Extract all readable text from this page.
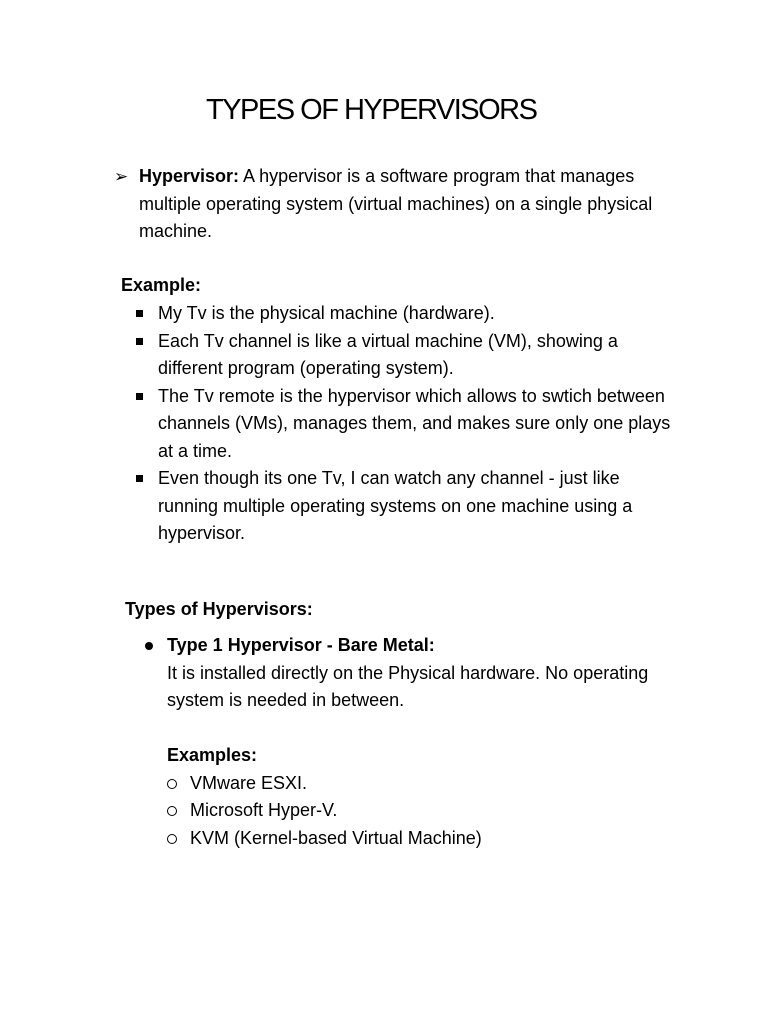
TYPES OF HYPERVISORS
➢ Hypervisor: A hypervisor is a software program that manages multiple operating system (virtual machines) on a single physical machine.
Example:
My Tv is the physical machine (hardware).
Each Tv channel is like a virtual machine (VM), showing a different program (operating system).
The Tv remote is the hypervisor which allows to swtich between channels (VMs), manages them, and makes sure only one plays at a time.
Even though its one Tv, I can watch any channel - just like running multiple operating systems on one machine using a hypervisor.
Types of Hypervisors:
Type 1 Hypervisor - Bare Metal:
It is installed directly on the Physical hardware. No operating system is needed in between.
Examples:
VMware ESXI.
Microsoft Hyper-V.
KVM (Kernel-based Virtual Machine)
